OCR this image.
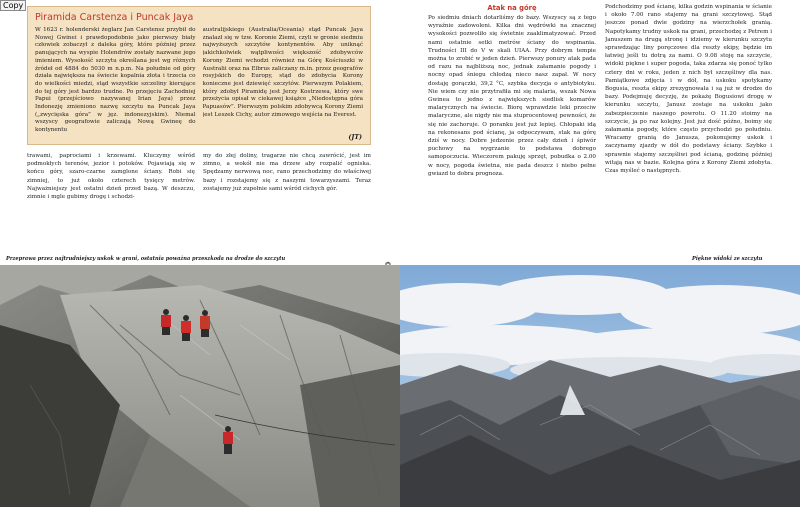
Copy
Piramida Carstenza i Puncak Jaya
W 1623 r. holenderski żeglarz Jan Carstensz przybił do Nowej Gwinei i prawdopodobnie jako pierwszy biały człowiek zobaczył z daleka góry, które później przez panujących na wyspie Holendrów zostały nazwane jego imieniem. Wysokość szczytu określana jest wg różnych źródeł od 4884 do 5030 m n.p.m. Na południe od góry działa największa na świecie kopalnia złota i trzecia co do wielkości miedzi, stąd wszystkie szczeliny kierujące do tej góry jest bardzo trudne. Po przejęciu Zachodniej Papui (przejściowo nazywanej Irian Jaya) przez Indonezję zmieniono nazwę szczytu na Puncak Jaya („zwycięska góra” w jęz. indonezyjskim). Niemal wszyscy geografowie zaliczają Nową Gwineę do kontynentu
australijskiego (Australia/Oceania) stąd Puncak Jaya znalazł się w tzw. Koronie Ziemi, czyli w gronie siedmiu najwyższych szczytów kontynentów. Aby uniknąć jakichkolwiek wątpliwości większość zdobywców Korony Ziemi wchodzi również na Górę Kościuszki w Australii oraz na Elbrus zaliczany m.in. przez geografów rosyjskich do Europy, stąd do zdobycia Korony konieczne jest dziewięć szczytów. Pierwszym Polakiem, który zdobył Piramidę jest Jerzy Kostrzewa, który swe przeżycia opisał w ciekawej książce „Niedostępna góra Papuasów”. Pierwszym polskim zdobywcą Korony Ziemi jest Leszek Cichy, autor zimowego wejścia na Everest.
(JT)
trawami, paprociami i krzewami. Kluczymy wśród podmokłych terenów, jezior i potoków. Pojawiają się w końcu góry, szaro-czarne zamglone ściany. Robi się zimniej, to już około czterech tysięcy metrów. Najważniejszy jest ostatni dzień przed bazą. W deszczu, zimnie i mgle gubimy drogę i schodzi-
my do złej doliny, tragarze nie chcą zawrócić, jest im zimno, a wokół nie ma drzew aby rozpalić ogniska. Spędzamy nerwową noc, rano przechodzimy do właściwej bazy i rozstajemy się z naszymi towarzyszami. Teraz zostajemy już zupełnie sami wśród cichych gór.
Atak na górę
Po siedmiu dniach dotarliśmy do bazy. Wszyscy są z tego wyraźnie zadowoleni. Kilka dni wędrówki na znacznej wysokości pozwoliło się świetnie zaaklimatyzować. Przed nami ostatnie setki metrów ściany do wspinania. Trudności III do V w skali UIAA. Przy dobrym tempie można to zrobić w jeden dzień. Pierwszy ponury atak pada od razu na najbliższą noc, jednak załamanie pogody i nocny opad śniegu chłodzą nieco nasz zapał. W nocy dostaję gorączki, 39,2 °C, szybka decyzja o antybiotyku. Nie wiem czy nie przytrafiła mi się malaria, wszak Nowa Gwinea to jedno z największych siedlisk komarów malarycznych na świecie. Biorę wprawdzie leki przeciw malaryczne, ale nigdy nie ma stuprocentowej pewności, że się nie zachoruje. O poranku jest już lepiej. Chłopaki idą na rekonesans pod ścianę, ja odpoczywam, stak na górę dziś w nocy. Dobre jedzenie przez cały dzień i śpiwór puchowy na wygrzanie to podstawa dobrego samopoczucia. Wieczorem pakuję sprzęt, pobudka o 2.00 w nocy, pogoda świetna, nie pada deszcz i niebo pełne gwiazd to dobra prognoza.
Podchodzimy pod ścianę, kilka godzin wspinania w ścianie i około 7.00 rano stajemy na grani szczytowej. Stąd jeszcze ponad dwie godziny na wierzchołek granią. Napotykamy trudny uskok na grani, przechodzę z Petrem i Januszem na drugą stronę i idziemy w kierunku szczytu sprawdzając liny poręczowe dla reszty ekipy, będzie im łatwiej jeśli tu dotrą za nami. O 9.08 stoję na szczycie, widoki piękne i super pogoda, taka zdarza się ponoć tylko cztery dni w roku, jeden z nich był szczęśliwy dla nas. Pamiątkowe zdjęcia i w dół, na uskoku spotykamy Bogusia, reszta ekipy zrezygnowała i są już w drodze do bazy. Podejmuję decyzję, że pokażę Bogusiowi drogę w kierunku szczytu, Janusz zostaje na uskoku jako zabezpieczenie naszego powrotu. O 11.20 stoimy na szczycie, ja po raz kolejny. Jest już dość późno, boimy się załamania pogody, które często przychodzi po południu. Wracamy granią do Janusza, pokonujemy uskok i zaczynamy zjazdy w dół do podstawy ściany. Szybko i sprawnie stajemy szczęśliwi pod ścianą, godzinę później witają nas w bazie. Kolejna góra z Korony Ziemi zdobyta. Czas myśleć o następnych.
Przeprawa przez najtrudniejszy uskok w grani, ostatnia poważna przeszkoda na drodze do szczytu	Piękne widoki ze szczytu
